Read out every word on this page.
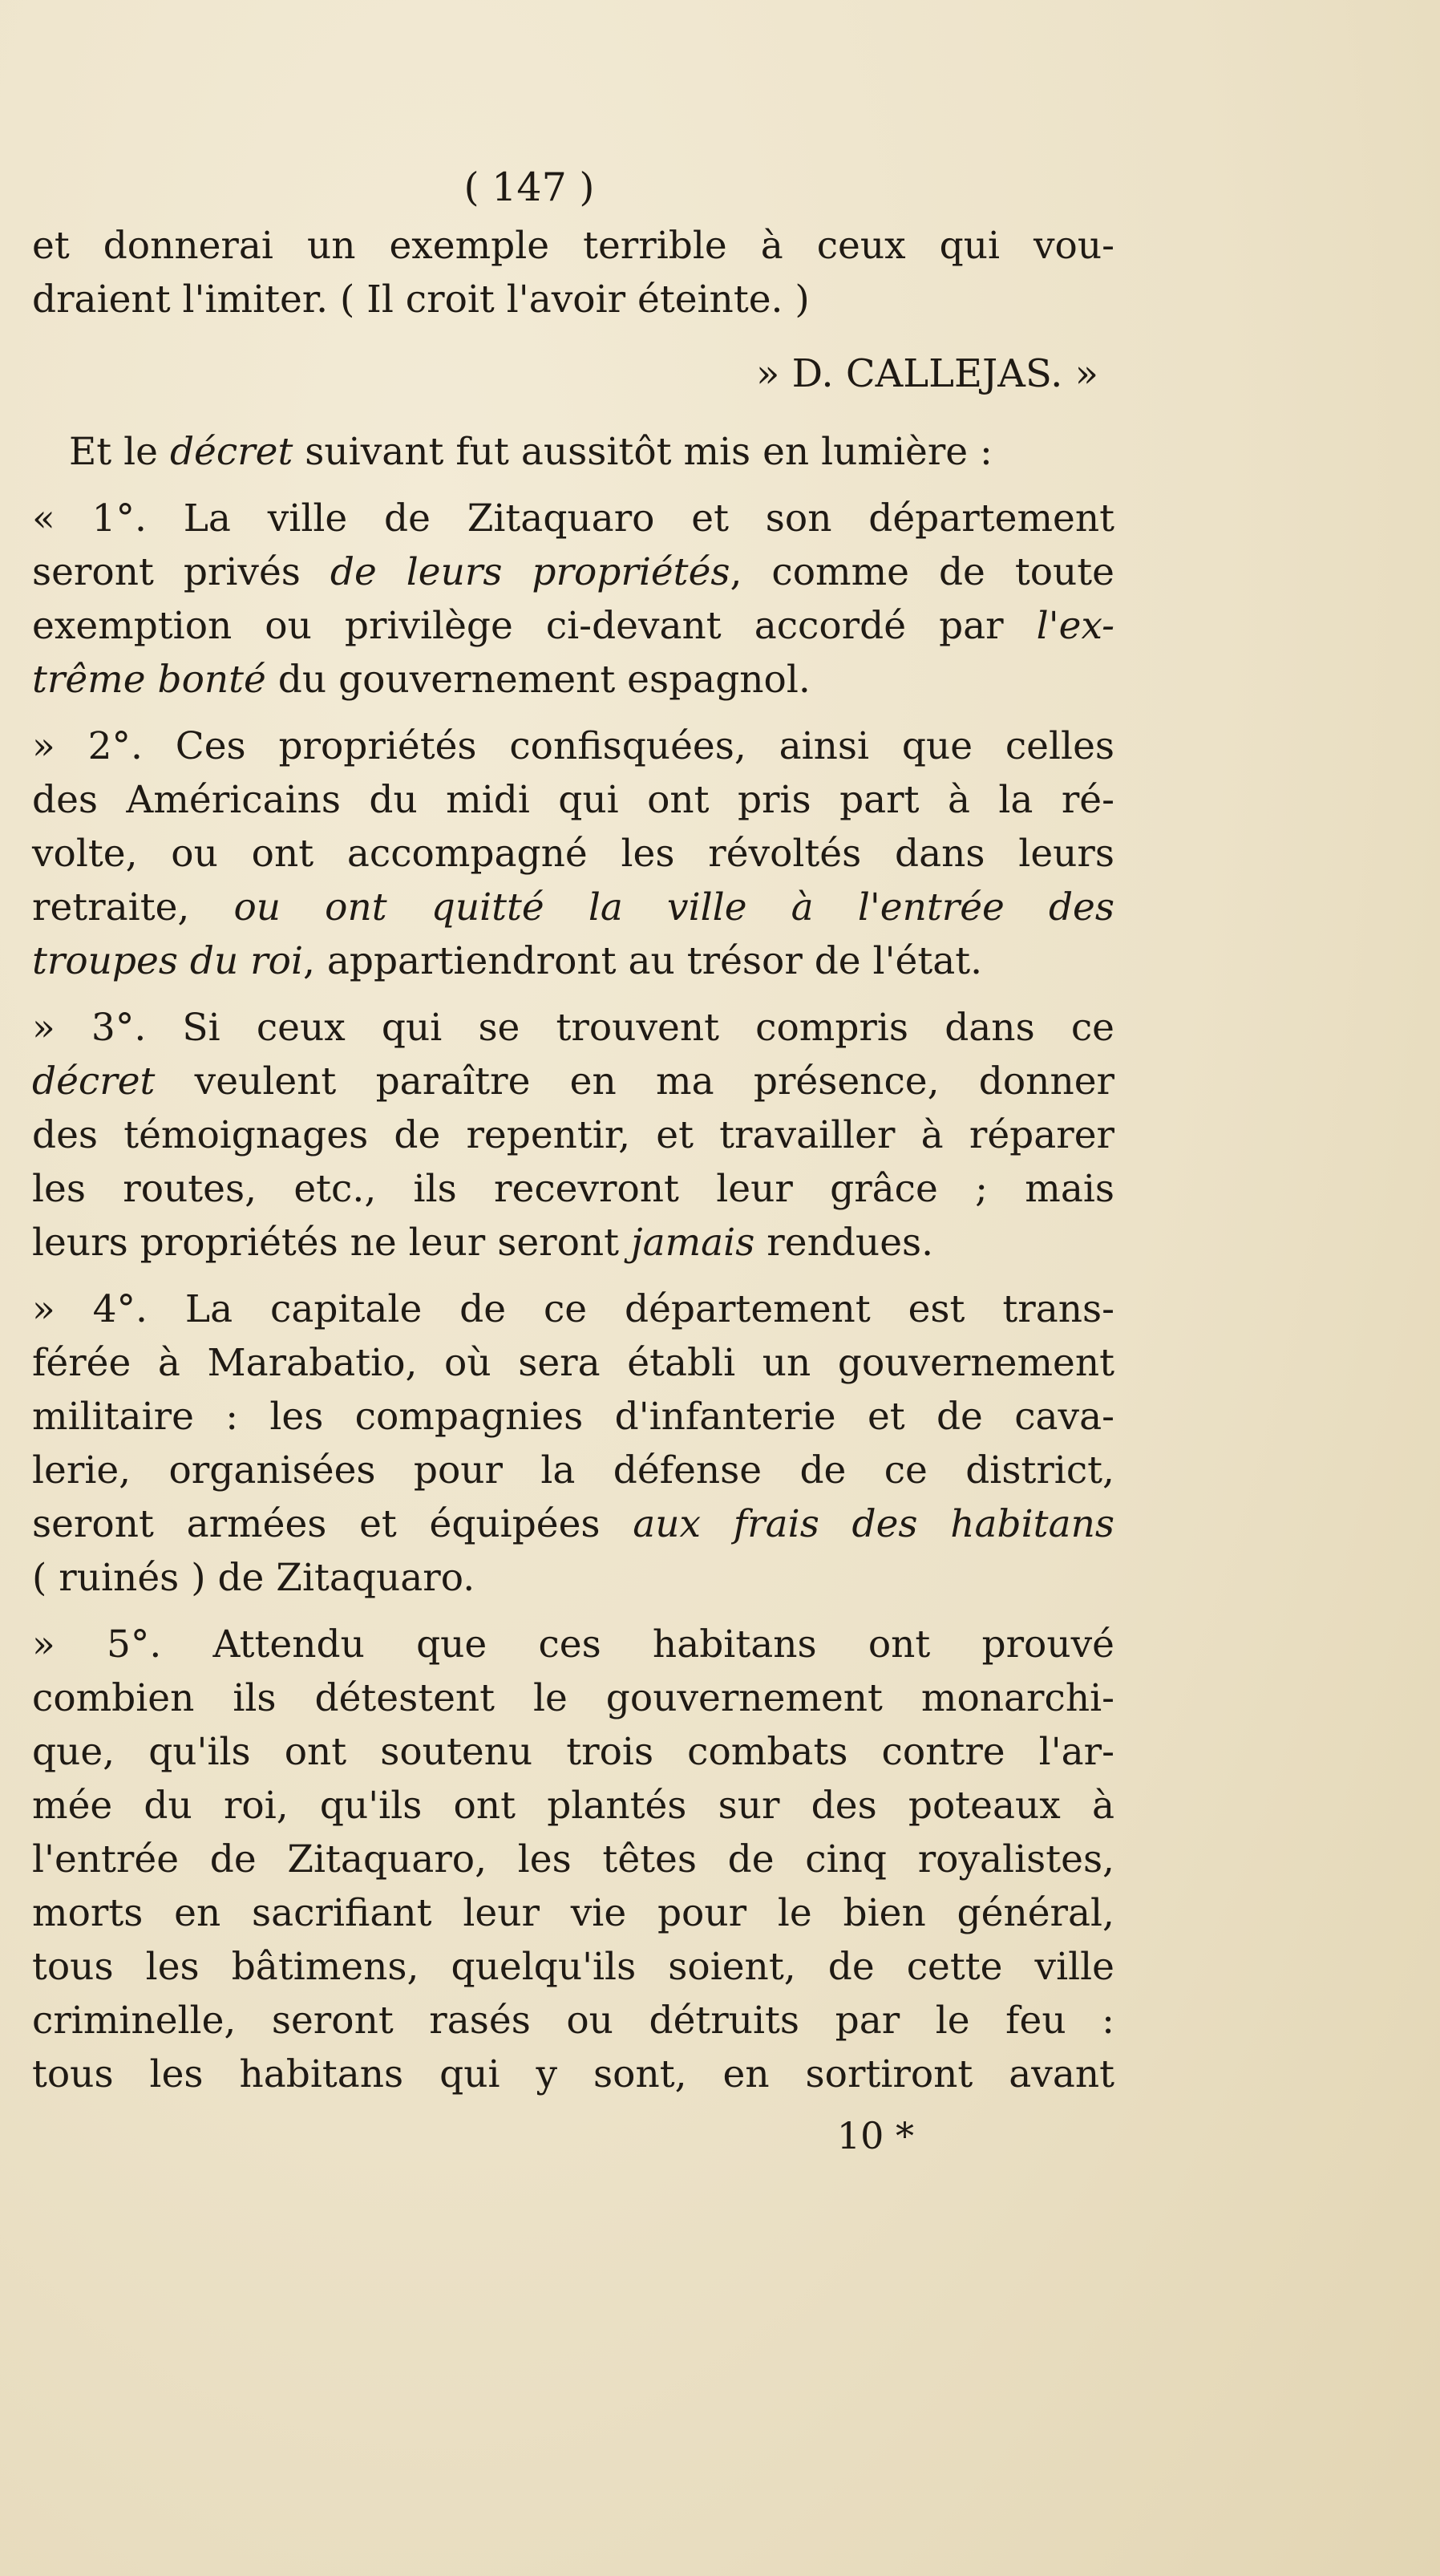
( 147 )
et donnerai un exemple terrible à ceux qui vou-
draient l'imiter. ( Il croit l'avoir éteinte. )
» D. CALLEJAS. »
Et le décret suivant fut aussitôt mis en lumière :
« 1°. La ville de Zitaquaro et son département
seront privés de leurs propriétés, comme de toute
exemption ou privilège ci-devant accordé par l'ex-
trême bonté du gouvernement espagnol.
» 2°. Ces propriétés confisquées, ainsi que celles
des Américains du midi qui ont pris part à la ré-
volte, ou ont accompagné les révoltés dans leurs
retraite, ou ont quitté la ville à l'entrée des
troupes du roi, appartiendront au trésor de l'état.
» 3°. Si ceux qui se trouvent compris dans ce
décret veulent paraître en ma présence, donner
des témoignages de repentir, et travailler à réparer
les routes, etc., ils recevront leur grâce ; mais
leurs propriétés ne leur seront jamais rendues.
» 4°. La capitale de ce département est trans-
férée à Marabatio, où sera établi un gouvernement
militaire : les compagnies d'infanterie et de cava-
lerie, organisées pour la défense de ce district,
seront armées et équipées aux frais des habitans
( ruinés ) de Zitaquaro.
» 5°. Attendu que ces habitans ont prouvé
combien ils détestent le gouvernement monarchi-
que, qu'ils ont soutenu trois combats contre l'ar-
mée du roi, qu'ils ont plantés sur des poteaux à
l'entrée de Zitaquaro, les têtes de cinq royalistes,
morts en sacrifiant leur vie pour le bien général,
tous les bâtimens, quelqu'ils soient, de cette ville
criminelle, seront rasés ou détruits par le feu :
tous les habitans qui y sont, en sortiront avant
10 *
